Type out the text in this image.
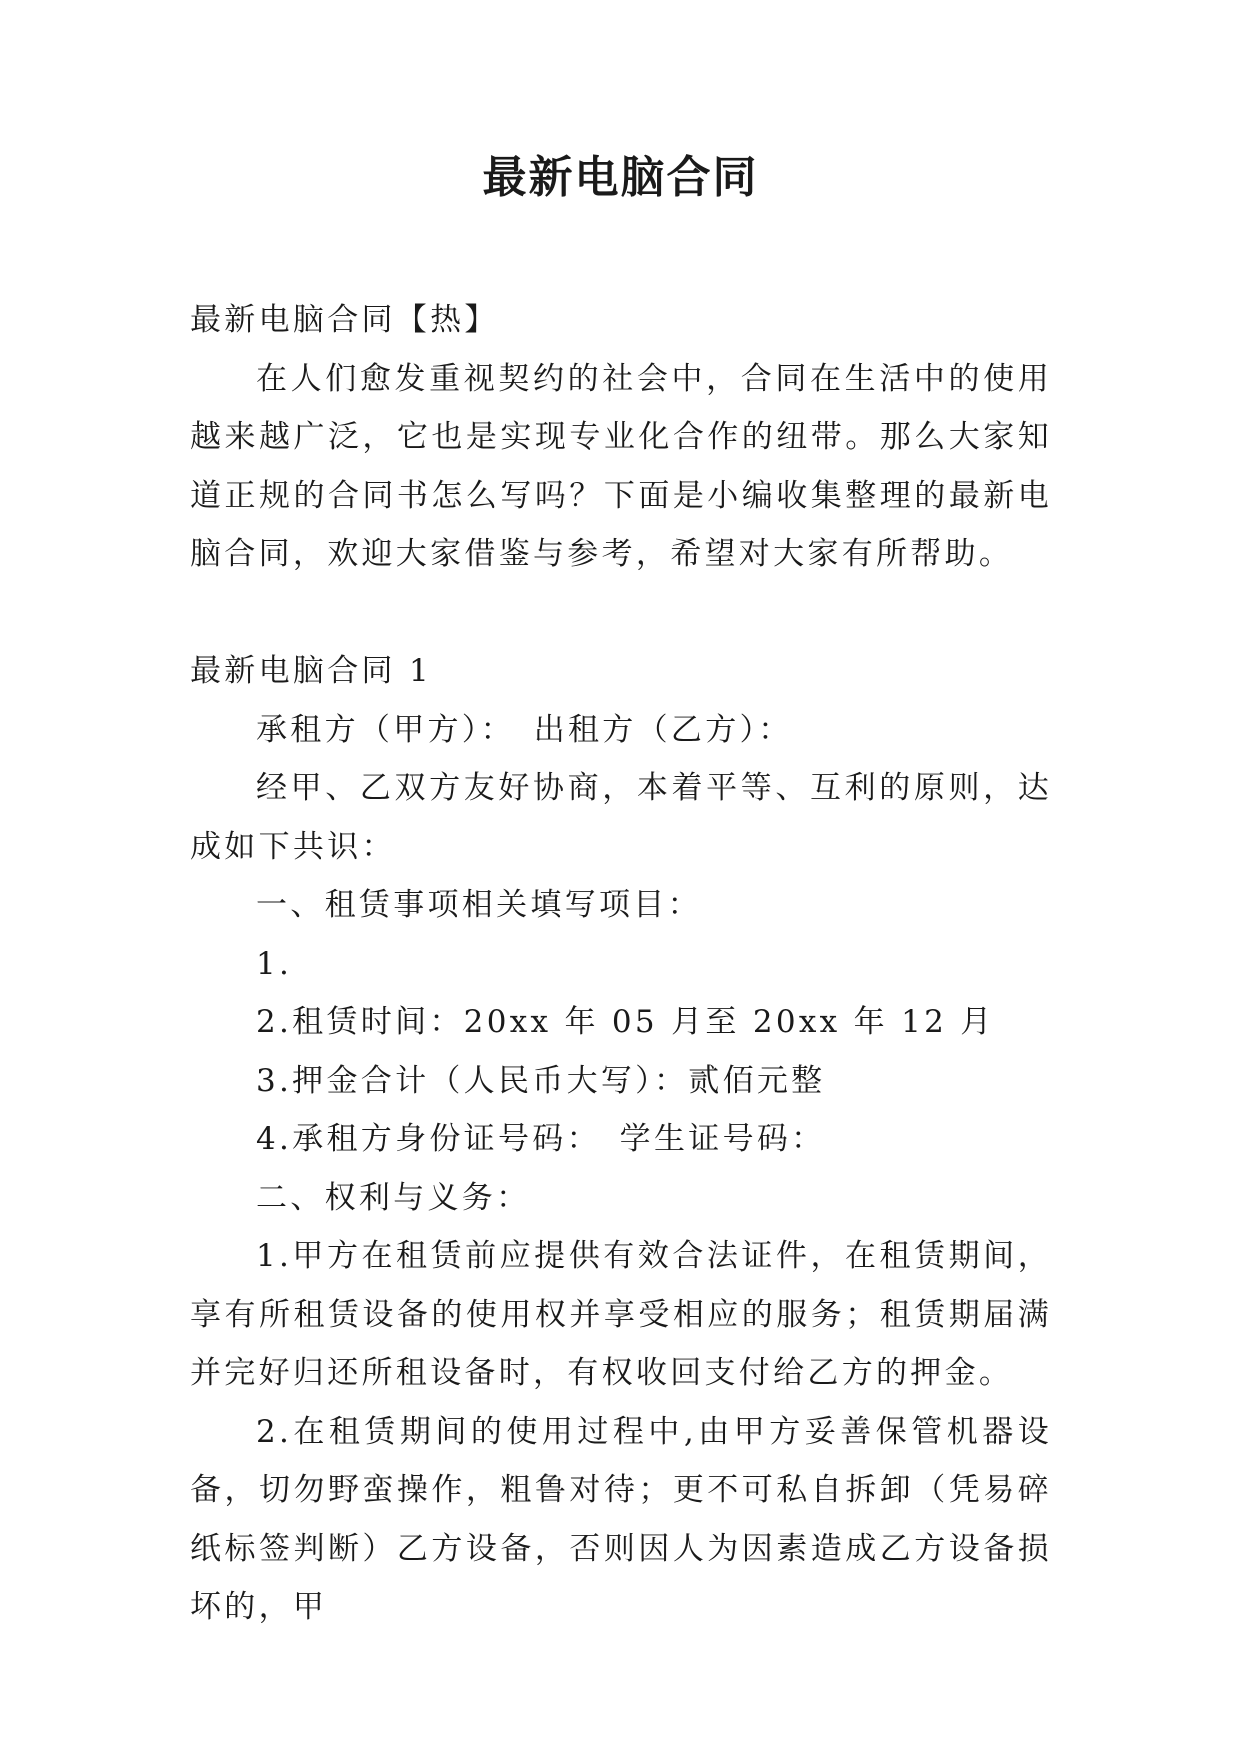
最新电脑合同

最新电脑合同【热】

在人们愈发重视契约的社会中，合同在生活中的使用越来越广泛，它也是实现专业化合作的纽带。那么大家知道正规的合同书怎么写吗？下面是小编收集整理的最新电脑合同，欢迎大家借鉴与参考，希望对大家有所帮助。

最新电脑合同 1

承租方（甲方）：　出租方（乙方）：

经甲、乙双方友好协商，本着平等、互利的原则，达成如下共识：

一、租赁事项相关填写项目：

1.

2.租赁时间：20xx 年 05 月至 20xx 年 12 月

3.押金合计（人民币大写）：贰佰元整

4.承租方身份证号码：　学生证号码：

二、权利与义务：

1.甲方在租赁前应提供有效合法证件，在租赁期间，享有所租赁设备的使用权并享受相应的服务；租赁期届满并完好归还所租设备时，有权收回支付给乙方的押金。

2.在租赁期间的使用过程中,由甲方妥善保管机器设备，切勿野蛮操作，粗鲁对待；更不可私自拆卸（凭易碎纸标签判断）乙方设备，否则因人为因素造成乙方设备损坏的，甲
